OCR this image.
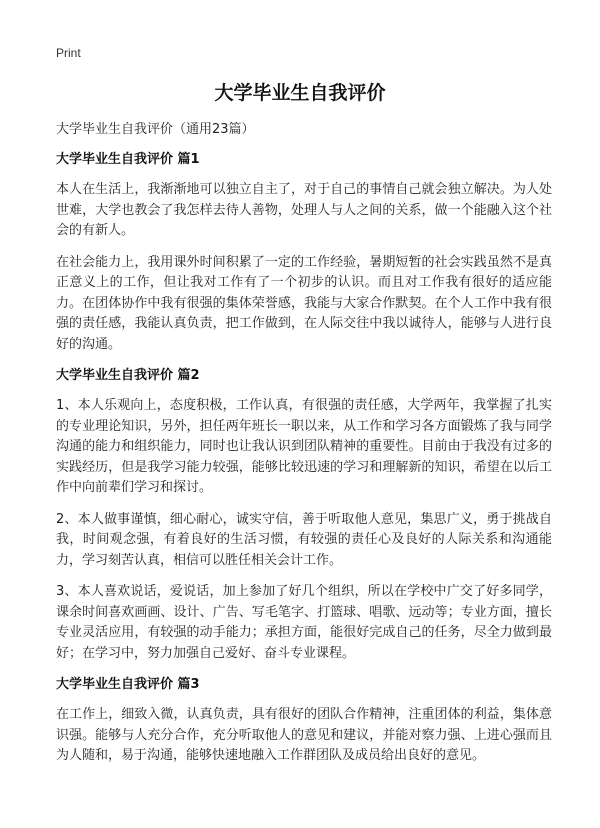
Print
大学毕业生自我评价

大学毕业生自我评价（通用23篇）

大学毕业生自我评价 篇1

本人在生活上，我渐渐地可以独立自主了，对于自己的事情自己就会独立解决。为人处世难，大学也教会了我怎样去待人善物，处理人与人之间的关系，做一个能融入这个社会的有新人。

在社会能力上，我用课外时间积累了一定的工作经验，暑期短暂的社会实践虽然不是真正意义上的工作，但让我对工作有了一个初步的认识。而且对工作我有很好的适应能力。在团体协作中我有很强的集体荣誉感，我能与大家合作默契。在个人工作中我有很强的责任感，我能认真负责，把工作做到，在人际交往中我以诚待人，能够与人进行良好的沟通。

大学毕业生自我评价 篇2

1、本人乐观向上，态度积极，工作认真，有很强的责任感，大学两年，我掌握了扎实的专业理论知识，另外，担任两年班长一职以来，从工作和学习各方面锻炼了我与同学沟通的能力和组织能力，同时也让我认识到团队精神的重要性。目前由于我没有过多的实践经历，但是我学习能力较强，能够比较迅速的学习和理解新的知识，希望在以后工作中向前辈们学习和探讨。

2、本人做事谨慎，细心耐心，诚实守信，善于听取他人意见，集思广义，勇于挑战自我，时间观念强，有着良好的生活习惯，有较强的责任心及良好的人际关系和沟通能力，学习刻苦认真，相信可以胜任相关会计工作。

3、本人喜欢说话，爱说话，加上参加了好几个组织，所以在学校中广交了好多同学，课余时间喜欢画画、设计、广告、写毛笔字、打篮球、唱歌、远动等；专业方面，擅长专业灵活应用，有较强的动手能力；承担方面，能很好完成自己的任务，尽全力做到最好；在学习中，努力加强自己爱好、奋斗专业课程。

大学毕业生自我评价 篇3

在工作上，细致入微，认真负责，具有很好的团队合作精神，注重团体的利益，集体意识强。能够与人充分合作，充分听取他人的意见和建议，并能对察力强、上进心强而且为人随和，易于沟通，能够快速地融入工作群团队及成员给出良好的意见。
